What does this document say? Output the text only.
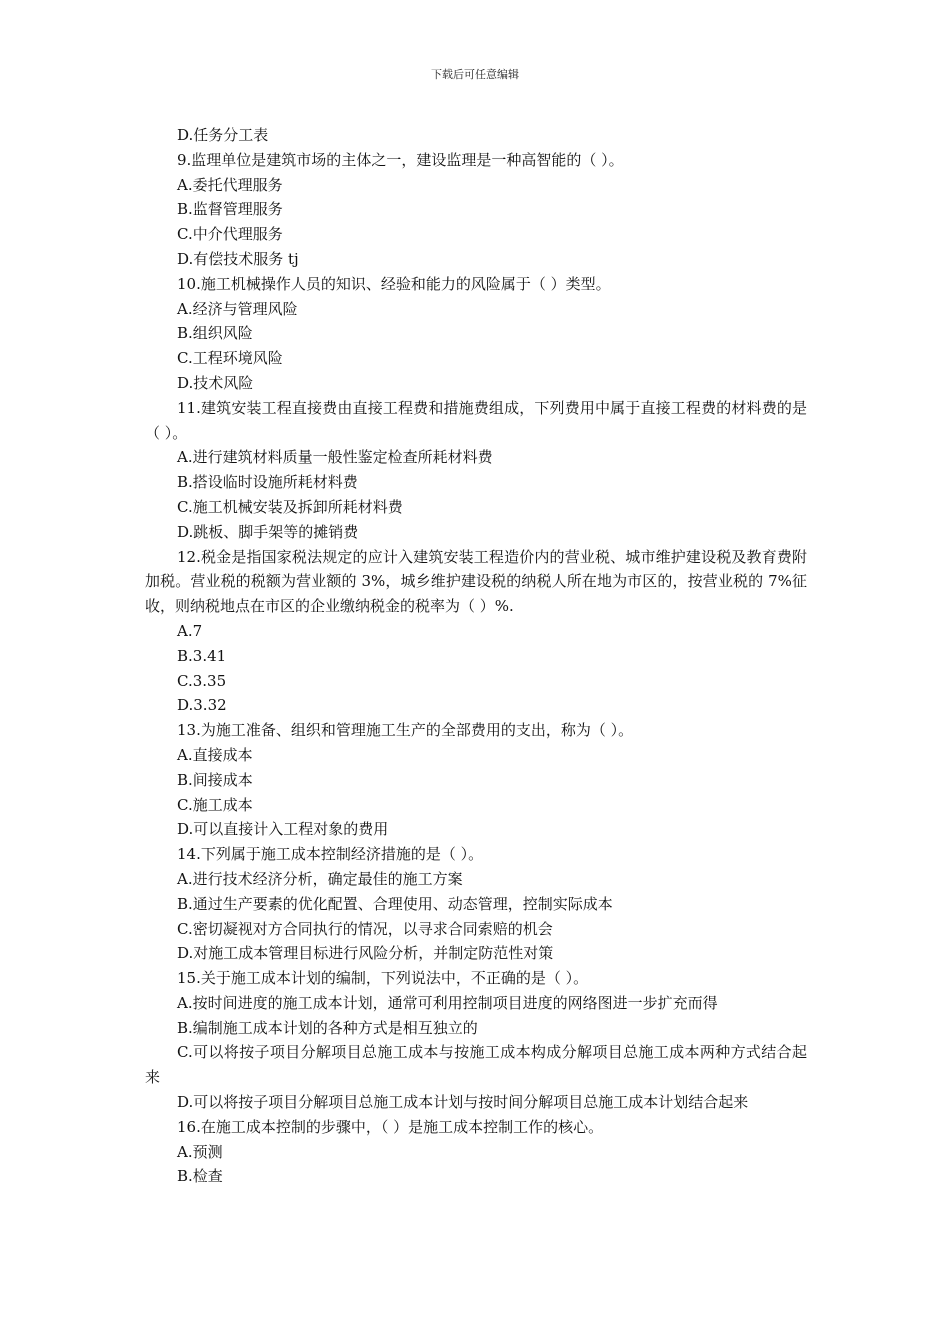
下载后可任意编辑

D.任务分工表

9.监理单位是建筑市场的主体之一，建设监理是一种高智能的（ ）。

A.委托代理服务

B.监督管理服务

C.中介代理服务

D.有偿技术服务 tj

10.施工机械操作人员的知识、经验和能力的风险属于（ ）类型。

A.经济与管理风险

B.组织风险

C.工程环境风险

D.技术风险

11.建筑安装工程直接费由直接工程费和措施费组成，下列费用中属于直接工程费的材料费的是（ ）。

A.进行建筑材料质量一般性鉴定检查所耗材料费

B.搭设临时设施所耗材料费

C.施工机械安装及拆卸所耗材料费

D.跳板、脚手架等的摊销费

12.税金是指国家税法规定的应计入建筑安装工程造价内的营业税、城市维护建设税及教育费附加税。营业税的税额为营业额的 3%，城乡维护建设税的纳税人所在地为市区的，按营业税的 7%征收，则纳税地点在市区的企业缴纳税金的税率为（ ）%.

A.7

B.3.41

C.3.35

D.3.32

13.为施工准备、组织和管理施工生产的全部费用的支出，称为（ ）。

A.直接成本

B.间接成本

C.施工成本

D.可以直接计入工程对象的费用

14.下列属于施工成本控制经济措施的是（ ）。

A.进行技术经济分析，确定最佳的施工方案

B.通过生产要素的优化配置、合理使用、动态管理，控制实际成本

C.密切凝视对方合同执行的情况，以寻求合同索赔的机会

D.对施工成本管理目标进行风险分析，并制定防范性对策

15.关于施工成本计划的编制，下列说法中，不正确的是（ ）。

A.按时间进度的施工成本计划，通常可利用控制项目进度的网络图进一步扩充而得

B.编制施工成本计划的各种方式是相互独立的

C.可以将按子项目分解项目总施工成本与按施工成本构成分解项目总施工成本两种方式结合起来

D.可以将按子项目分解项目总施工成本计划与按时间分解项目总施工成本计划结合起来

16.在施工成本控制的步骤中，（ ）是施工成本控制工作的核心。

A.预测

B.检查
